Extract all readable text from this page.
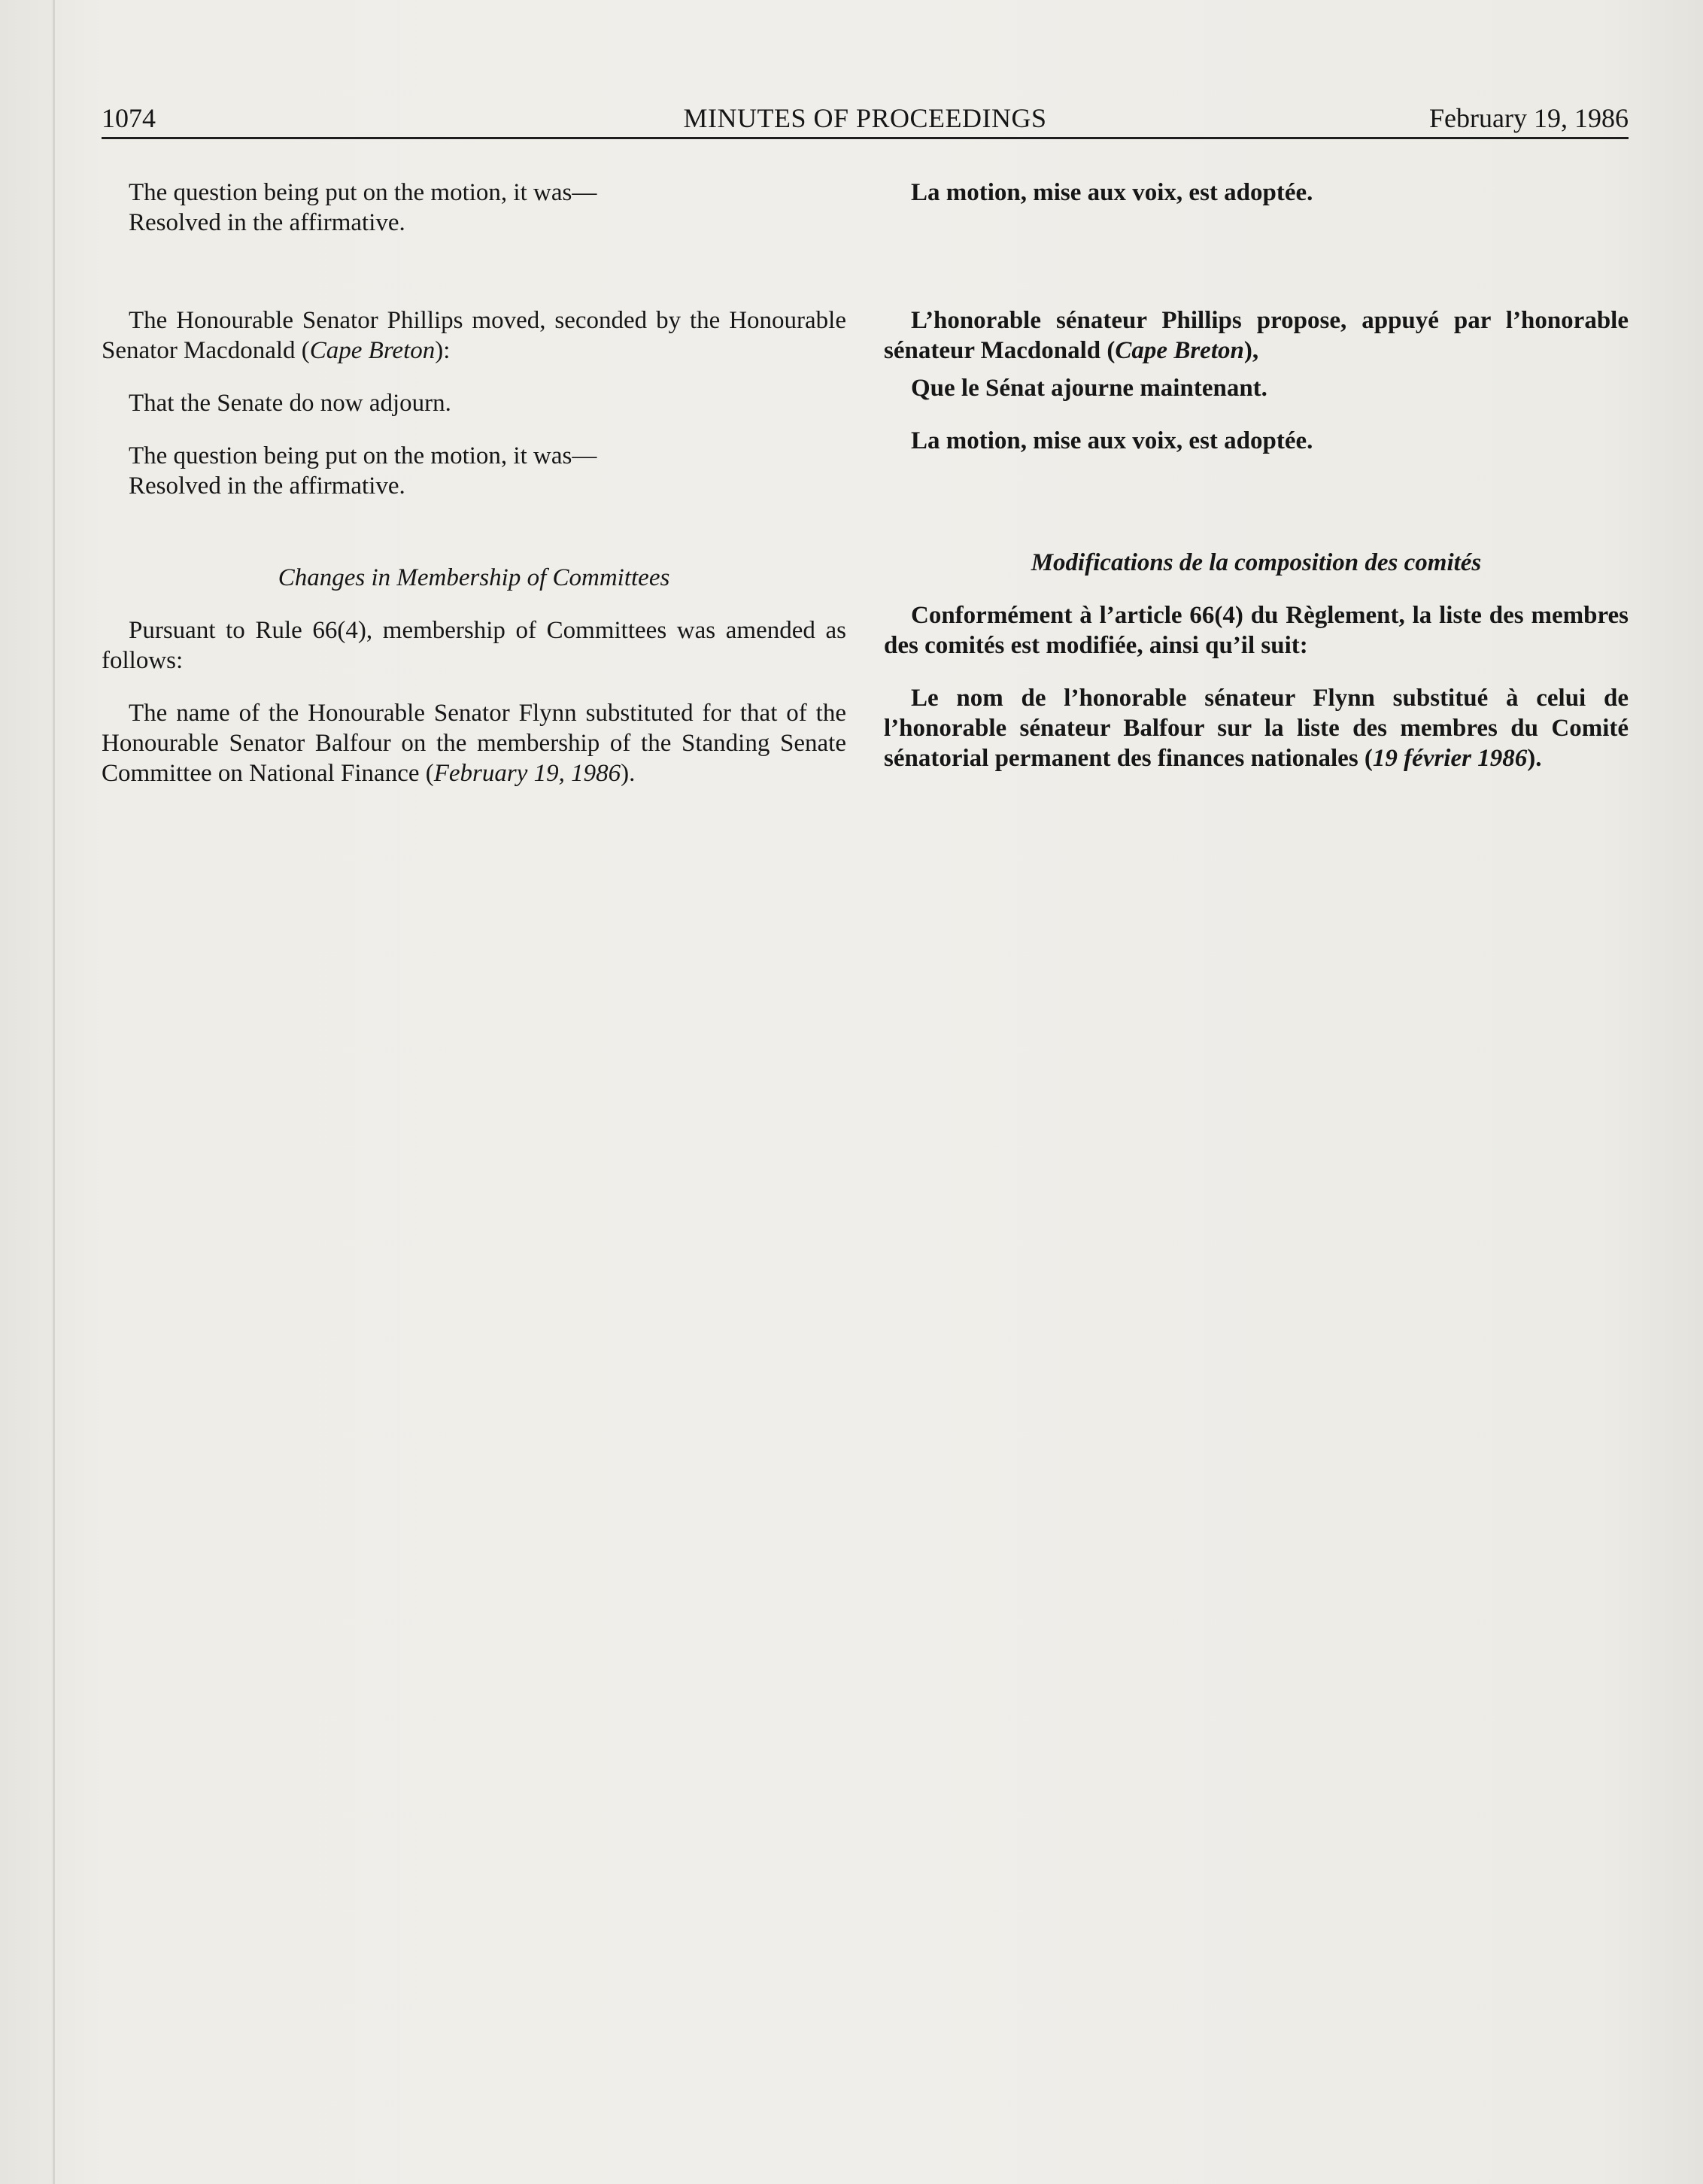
1074	MINUTES OF PROCEEDINGS	February 19, 1986

The question being put on the motion, it was—

Resolved in the affirmative.

The Honourable Senator Phillips moved, seconded by the Honourable Senator Macdonald (Cape Breton):

That the Senate do now adjourn.

The question being put on the motion, it was—

Resolved in the affirmative.

Changes in Membership of Committees

Pursuant to Rule 66(4), membership of Committees was amended as follows:

The name of the Honourable Senator Flynn substituted for that of the Honourable Senator Balfour on the membership of the Standing Senate Committee on National Finance (February 19, 1986).

La motion, mise aux voix, est adoptée.

L’honorable sénateur Phillips propose, appuyé par l’honorable sénateur Macdonald (Cape Breton),

Que le Sénat ajourne maintenant.

La motion, mise aux voix, est adoptée.

Modifications de la composition des comités

Conformément à l’article 66(4) du Règlement, la liste des membres des comités est modifiée, ainsi qu’il suit:

Le nom de l’honorable sénateur Flynn substitué à celui de l’honorable sénateur Balfour sur la liste des membres du Comité sénatorial permanent des finances nationales (19 février 1986).
